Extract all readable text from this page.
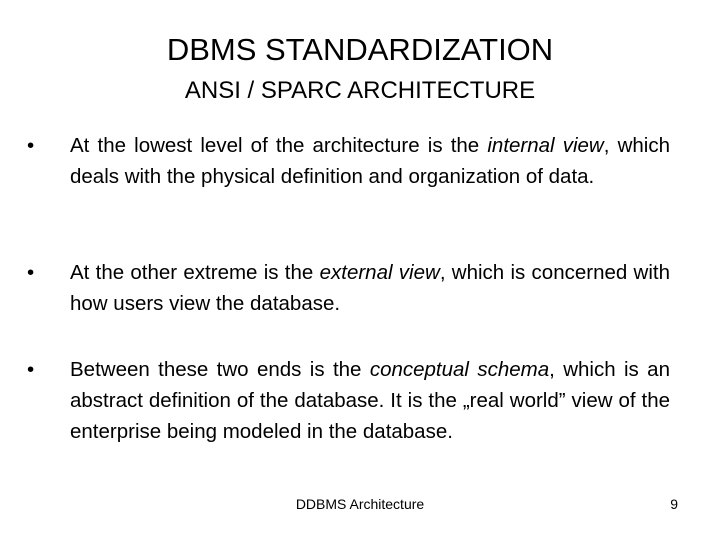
DBMS STANDARDIZATION
ANSI / SPARC ARCHITECTURE
•	At the lowest level of the architecture is the internal view, which deals with the physical definition and organization of data.
•	At the other extreme is the external view, which is concerned with how users view the database.
•	Between these two ends is the conceptual schema, which is an abstract definition of the database. It is the „real world” view of the enterprise being modeled in the database.
DDBMS Architecture	9
